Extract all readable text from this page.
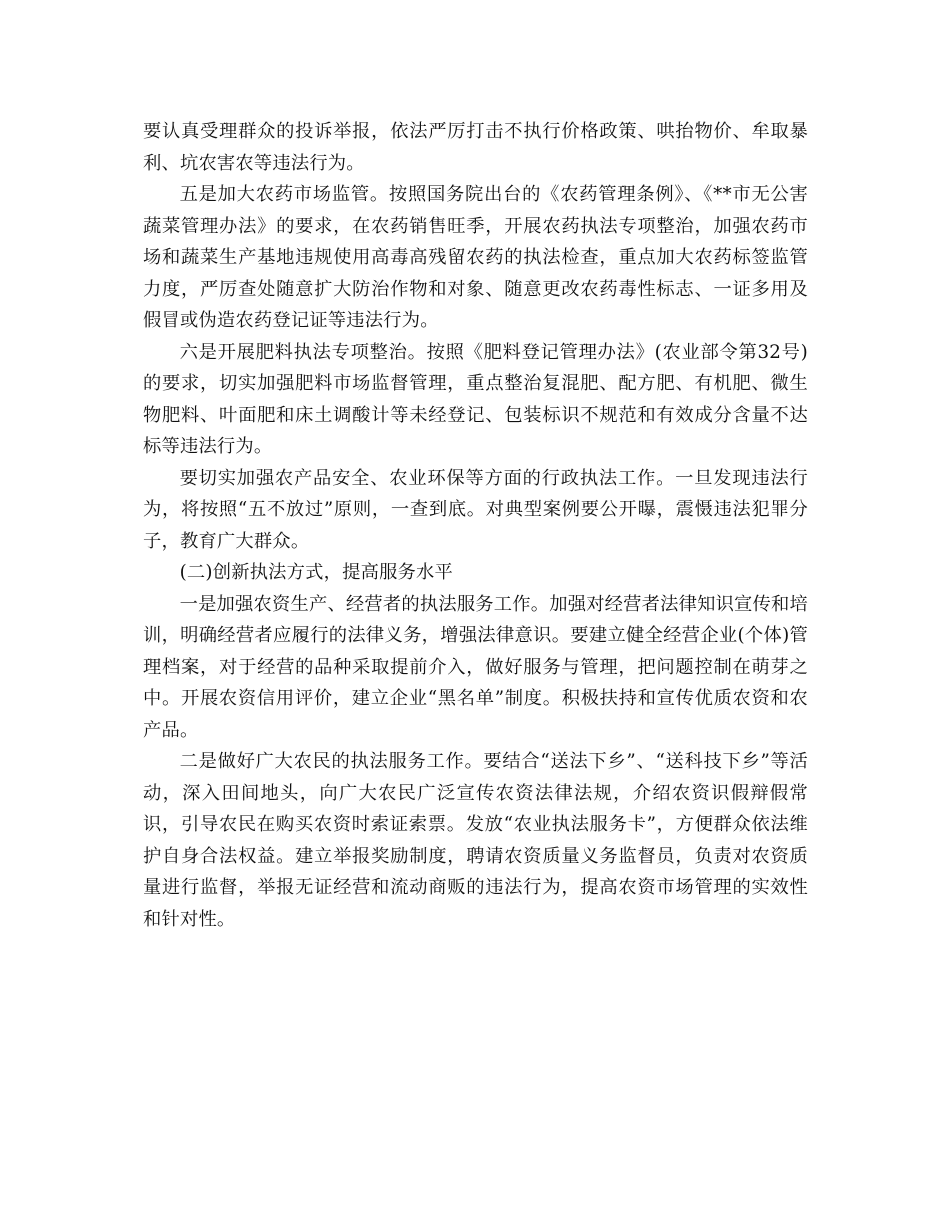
要认真受理群众的投诉举报，依法严厉打击不执行价格政策、哄抬物价、牟取暴利、坑农害农等违法行为。

五是加大农药市场监管。按照国务院出台的《农药管理条例》、《**市无公害蔬菜管理办法》的要求，在农药销售旺季，开展农药执法专项整治，加强农药市场和蔬菜生产基地违规使用高毒高残留农药的执法检查，重点加大农药标签监管力度，严厉查处随意扩大防治作物和对象、随意更改农药毒性标志、一证多用及假冒或伪造农药登记证等违法行为。

六是开展肥料执法专项整治。按照《肥料登记管理办法》(农业部令第32号)的要求，切实加强肥料市场监督管理，重点整治复混肥、配方肥、有机肥、微生物肥料、叶面肥和床土调酸计等未经登记、包装标识不规范和有效成分含量不达标等违法行为。

要切实加强农产品安全、农业环保等方面的行政执法工作。一旦发现违法行为，将按照“五不放过”原则，一查到底。对典型案例要公开曝，震慑违法犯罪分子，教育广大群众。

(二)创新执法方式，提高服务水平

一是加强农资生产、经营者的执法服务工作。加强对经营者法律知识宣传和培训，明确经营者应履行的法律义务，增强法律意识。要建立健全经营企业(个体)管理档案，对于经营的品种采取提前介入，做好服务与管理，把问题控制在萌芽之中。开展农资信用评价，建立企业“黑名单”制度。积极扶持和宣传优质农资和农产品。

二是做好广大农民的执法服务工作。要结合“送法下乡”、“送科技下乡”等活动，深入田间地头，向广大农民广泛宣传农资法律法规，介绍农资识假辩假常识，引导农民在购买农资时索证索票。发放“农业执法服务卡”，方便群众依法维护自身合法权益。建立举报奖励制度，聘请农资质量义务监督员，负责对农资质量进行监督，举报无证经营和流动商贩的违法行为，提高农资市场管理的实效性和针对性。
